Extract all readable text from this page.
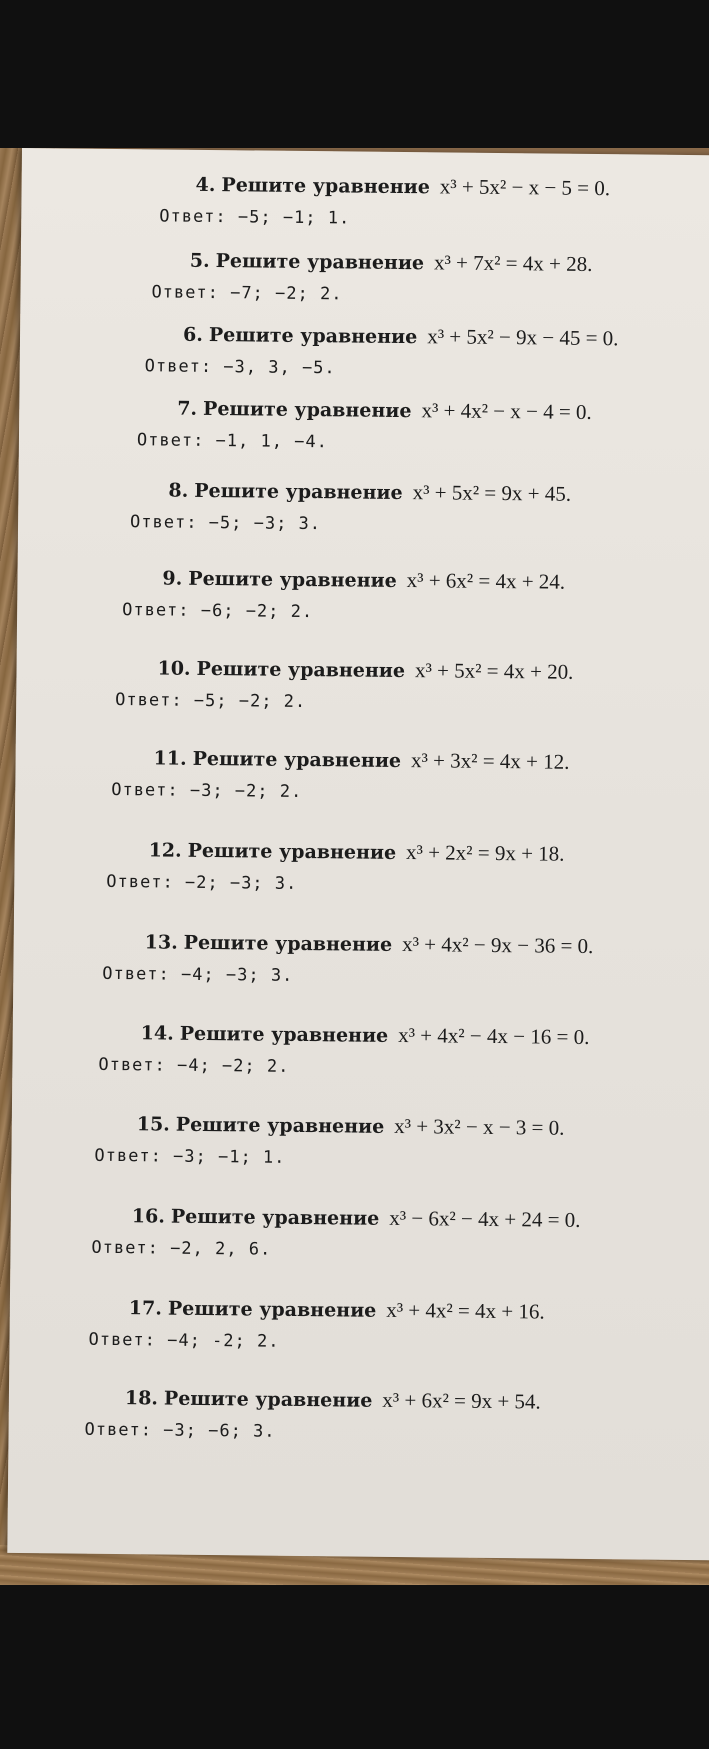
4. Решите уравнение x³ + 5x² − x − 5 = 0.
Ответ: −5; −1; 1.
5. Решите уравнение x³ + 7x² = 4x + 28.
Ответ: −7; −2; 2.
6. Решите уравнение x³ + 5x² − 9x − 45 = 0.
Ответ: −3, 3, −5.
7. Решите уравнение x³ + 4x² − x − 4 = 0.
Ответ: −1, 1, −4.
8. Решите уравнение x³ + 5x² = 9x + 45.
Ответ: −5; −3; 3.
9. Решите уравнение x³ + 6x² = 4x + 24.
Ответ: −6; −2; 2.
10. Решите уравнение x³ + 5x² = 4x + 20.
Ответ: −5; −2; 2.
11. Решите уравнение x³ + 3x² = 4x + 12.
Ответ: −3; −2; 2.
12. Решите уравнение x³ + 2x² = 9x + 18.
Ответ: −2; −3; 3.
13. Решите уравнение x³ + 4x² − 9x − 36 = 0.
Ответ: −4; −3; 3.
14. Решите уравнение x³ + 4x² − 4x − 16 = 0.
Ответ: −4; −2; 2.
15. Решите уравнение x³ + 3x² − x − 3 = 0.
Ответ: −3; −1; 1.
16. Решите уравнение x³ − 6x² − 4x + 24 = 0.
Ответ: −2, 2, 6.
17. Решите уравнение x³ + 4x² = 4x + 16.
Ответ: −4; -2; 2.
18. Решите уравнение x³ + 6x² = 9x + 54.
Ответ: −3; −6; 3.
